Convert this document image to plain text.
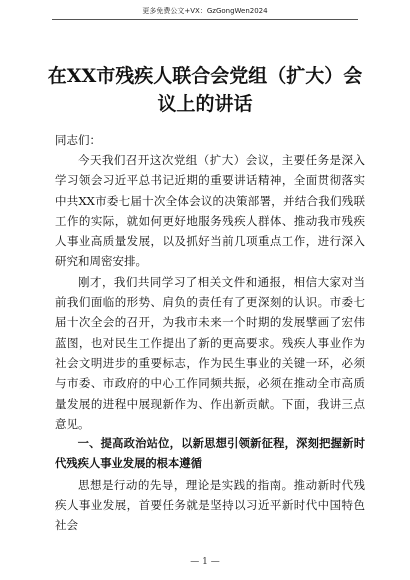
更多免费公文+VX：GzGongWen2024
在XX市残疾人联合会党组（扩大）会议上的讲话
同志们：

今天我们召开这次党组（扩大）会议，主要任务是深入学习领会习近平总书记近期的重要讲话精神，全面贯彻落实中共XX市委七届十次全体会议的决策部署，并结合我们残联工作的实际，就如何更好地服务残疾人群体、推动我市残疾人事业高质量发展，以及抓好当前几项重点工作，进行深入研究和周密安排。

刚才，我们共同学习了相关文件和通报，相信大家对当前我们面临的形势、肩负的责任有了更深刻的认识。市委七届十次全会的召开，为我市未来一个时期的发展擘画了宏伟蓝图，也对民生工作提出了新的更高要求。残疾人事业作为社会文明进步的重要标志，作为民生事业的关键一环，必须与市委、市政府的中心工作同频共振，必须在推动全市高质量发展的进程中展现新作为、作出新贡献。下面，我讲三点意见。

一、提高政治站位，以新思想引领新征程，深刻把握新时代残疾人事业发展的根本遵循

思想是行动的先导，理论是实践的指南。推动新时代残疾人事业发展，首要任务就是坚持以习近平新时代中国特色社会

— 1 —
